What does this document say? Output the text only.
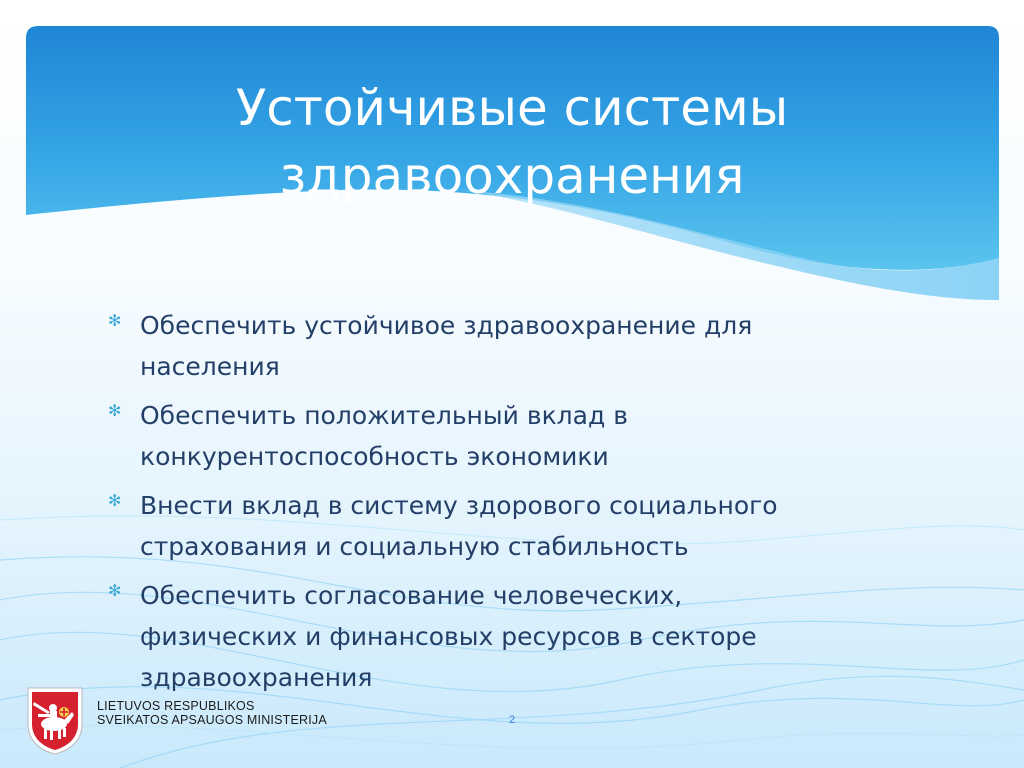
Устойчивые системы
здравоохранения
✻ Обеспечить устойчивое здравоохранение для
населения
✻ Обеспечить положительный вклад в
конкурентоспособность экономики
✻ Внести вклад в систему здорового социального
страхования и социальную стабильность
✻ Обеспечить согласование человеческих,
физических и финансовых ресурсов в секторе
здравоохранения
LIETUVOS RESPUBLIKOS
SVEIKATOS APSAUGOS MINISTERIJA	2
